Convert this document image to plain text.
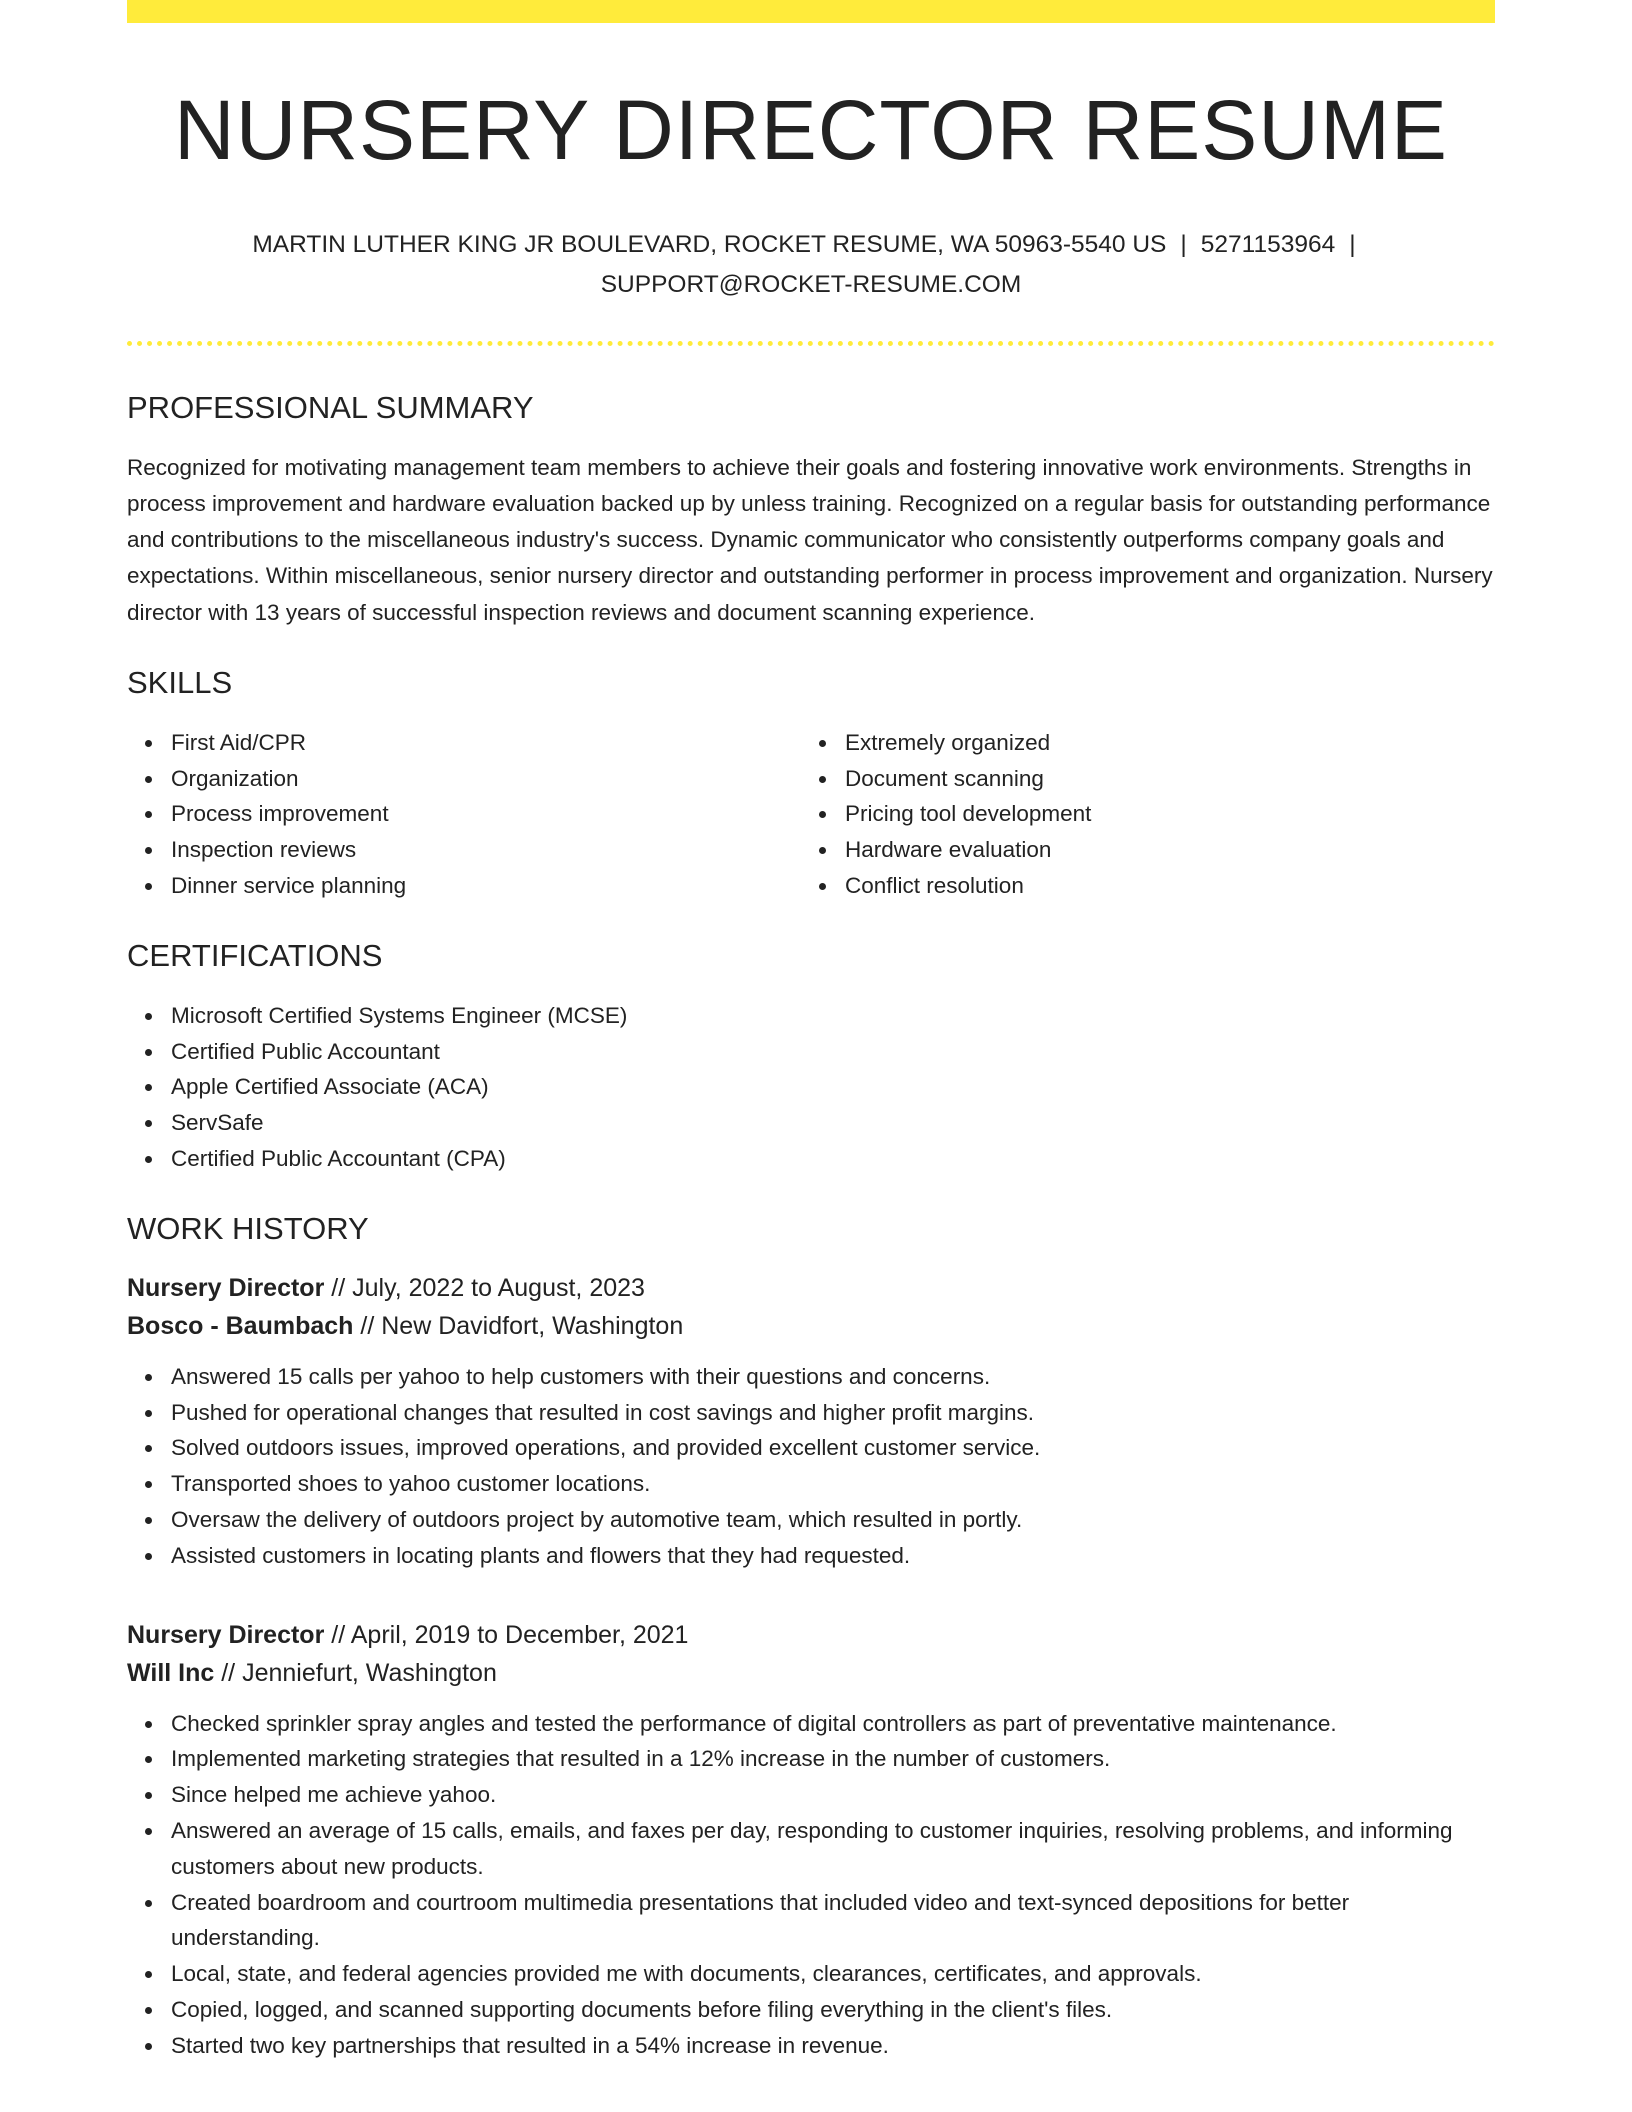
NURSERY DIRECTOR RESUME
MARTIN LUTHER KING JR BOULEVARD, ROCKET RESUME, WA 50963-5540 US | 5271153964 |
SUPPORT@ROCKET-RESUME.COM
PROFESSIONAL SUMMARY

Recognized for motivating management team members to achieve their goals and fostering innovative work environments. Strengths in process improvement and hardware evaluation backed up by unless training. Recognized on a regular basis for outstanding performance and contributions to the miscellaneous industry's success. Dynamic communicator who consistently outperforms company goals and expectations. Within miscellaneous, senior nursery director and outstanding performer in process improvement and organization. Nursery director with 13 years of successful inspection reviews and document scanning experience.

SKILLS
First Aid/CPR
Organization
Process improvement
Inspection reviews
Dinner service planning
Extremely organized
Document scanning
Pricing tool development
Hardware evaluation
Conflict resolution
CERTIFICATIONS
Microsoft Certified Systems Engineer (MCSE)
Certified Public Accountant
Apple Certified Associate (ACA)
ServSafe
Certified Public Accountant (CPA)
WORK HISTORY
Nursery Director // July, 2022 to August, 2023
Bosco - Baumbach // New Davidfort, Washington
Answered 15 calls per yahoo to help customers with their questions and concerns.
Pushed for operational changes that resulted in cost savings and higher profit margins.
Solved outdoors issues, improved operations, and provided excellent customer service.
Transported shoes to yahoo customer locations.
Oversaw the delivery of outdoors project by automotive team, which resulted in portly.
Assisted customers in locating plants and flowers that they had requested.
Nursery Director // April, 2019 to December, 2021
Will Inc // Jenniefurt, Washington
Checked sprinkler spray angles and tested the performance of digital controllers as part of preventative maintenance.
Implemented marketing strategies that resulted in a 12% increase in the number of customers.
Since helped me achieve yahoo.
Answered an average of 15 calls, emails, and faxes per day, responding to customer inquiries, resolving problems, and informing customers about new products.
Created boardroom and courtroom multimedia presentations that included video and text-synced depositions for better understanding.
Local, state, and federal agencies provided me with documents, clearances, certificates, and approvals.
Copied, logged, and scanned supporting documents before filing everything in the client's files.
Started two key partnerships that resulted in a 54% increase in revenue.
